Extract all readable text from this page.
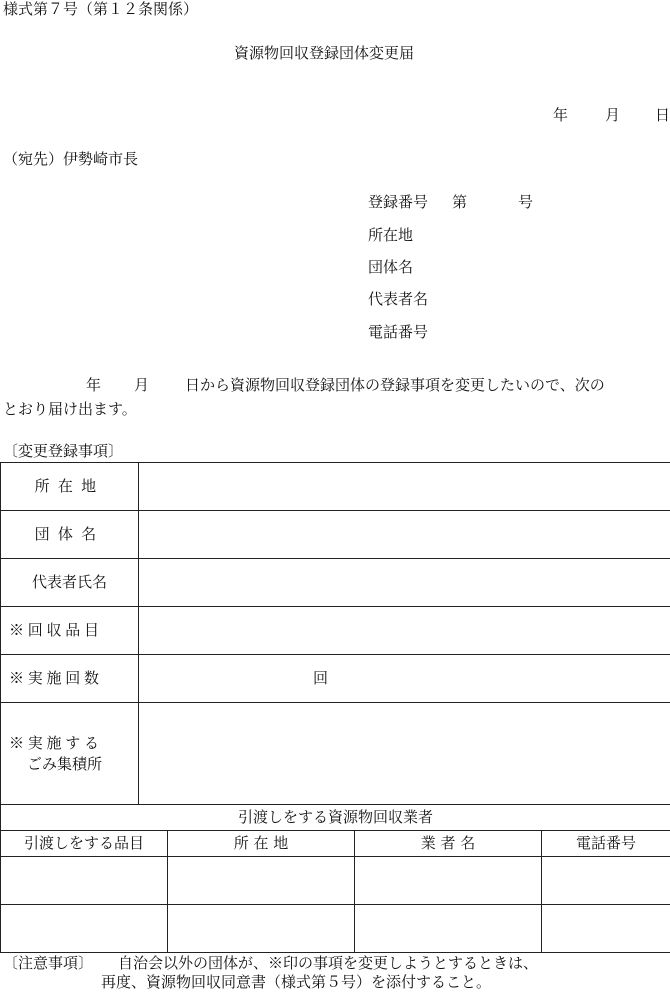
様式第７号（第１２条関係）
資源物回収登録団体変更届
年 月 日
（宛先）伊勢崎市長
登録番号 第	号
所在地
団体名
代表者名
電話番号
年 月 日から資源物回収登録団体の登録事項を変更したいので、次の
とおり届け出ます。
〔変更登録事項〕
所在地	
団体名	
代表者氏名	
※回収品目	
※実施回数	回

※実施する
ごみ集積所	

引渡しをする資源物回収業者			
引渡しをする品目	所 在 地	業 者 名	電話番号

〔注意事項〕 自治会以外の団体が、※印の事項を変更しようとするときは、
再度、資源物回収同意書（様式第５号）を添付すること。
